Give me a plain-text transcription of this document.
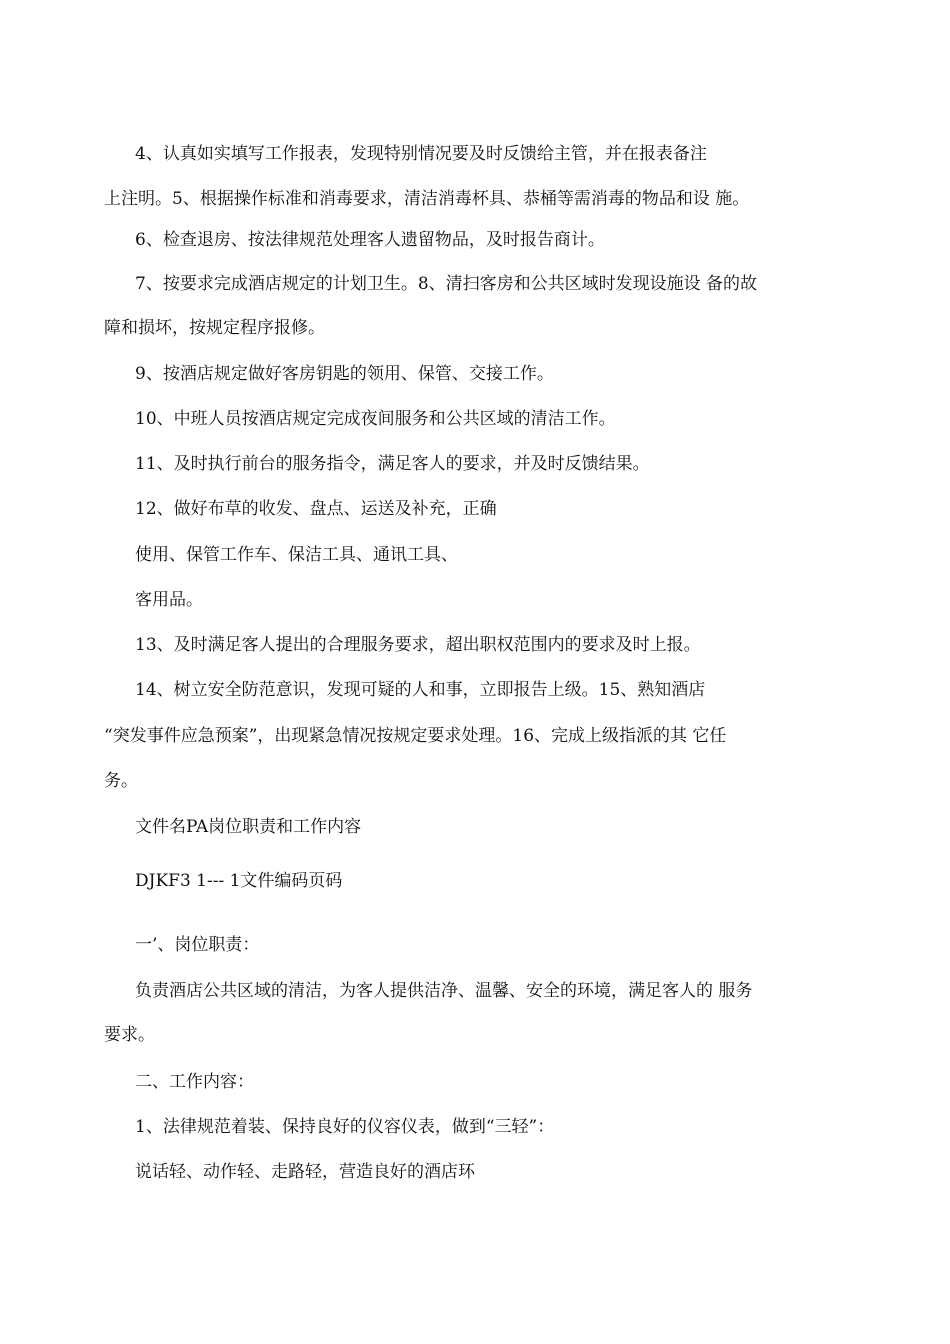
4、认真如实填写工作报表，发现特别情况要及时反馈给主管，并在报表备注
上注明。5、根据操作标准和消毒要求，清洁消毒杯具、恭桶等需消毒的物品和设 施。
6、检查退房、按法律规范处理客人遗留物品，及时报告商计。
7、按要求完成酒店规定的计划卫生。8、清扫客房和公共区域时发现设施设 备的故
障和损坏，按规定程序报修。
9、按酒店规定做好客房钥匙的领用、保管、交接工作。
10、中班人员按酒店规定完成夜间服务和公共区域的清洁工作。
11、及时执行前台的服务指令，满足客人的要求，并及时反馈结果。
12、做好布草的收发、盘点、运送及补充，正确
使用、保管工作车、保洁工具、通讯工具、
客用品。
13、及时满足客人提出的合理服务要求，超出职权范围内的要求及时上报。
14、树立安全防范意识，发现可疑的人和事，立即报告上级。15、熟知酒店
“突发事件应急预案”，出现紧急情况按规定要求处理。16、完成上级指派的其 它任
务。
文件名PA岗位职责和工作内容
DJKF3 1--- 1文件编码页码
一’、岗位职责：
负责酒店公共区域的清洁，为客人提供洁净、温馨、安全的环境，满足客人的 服务
要求。
二、工作内容：
1、法律规范着装、保持良好的仪容仪表，做到“三轻”：
说话轻、动作轻、走路轻，营造良好的酒店环
